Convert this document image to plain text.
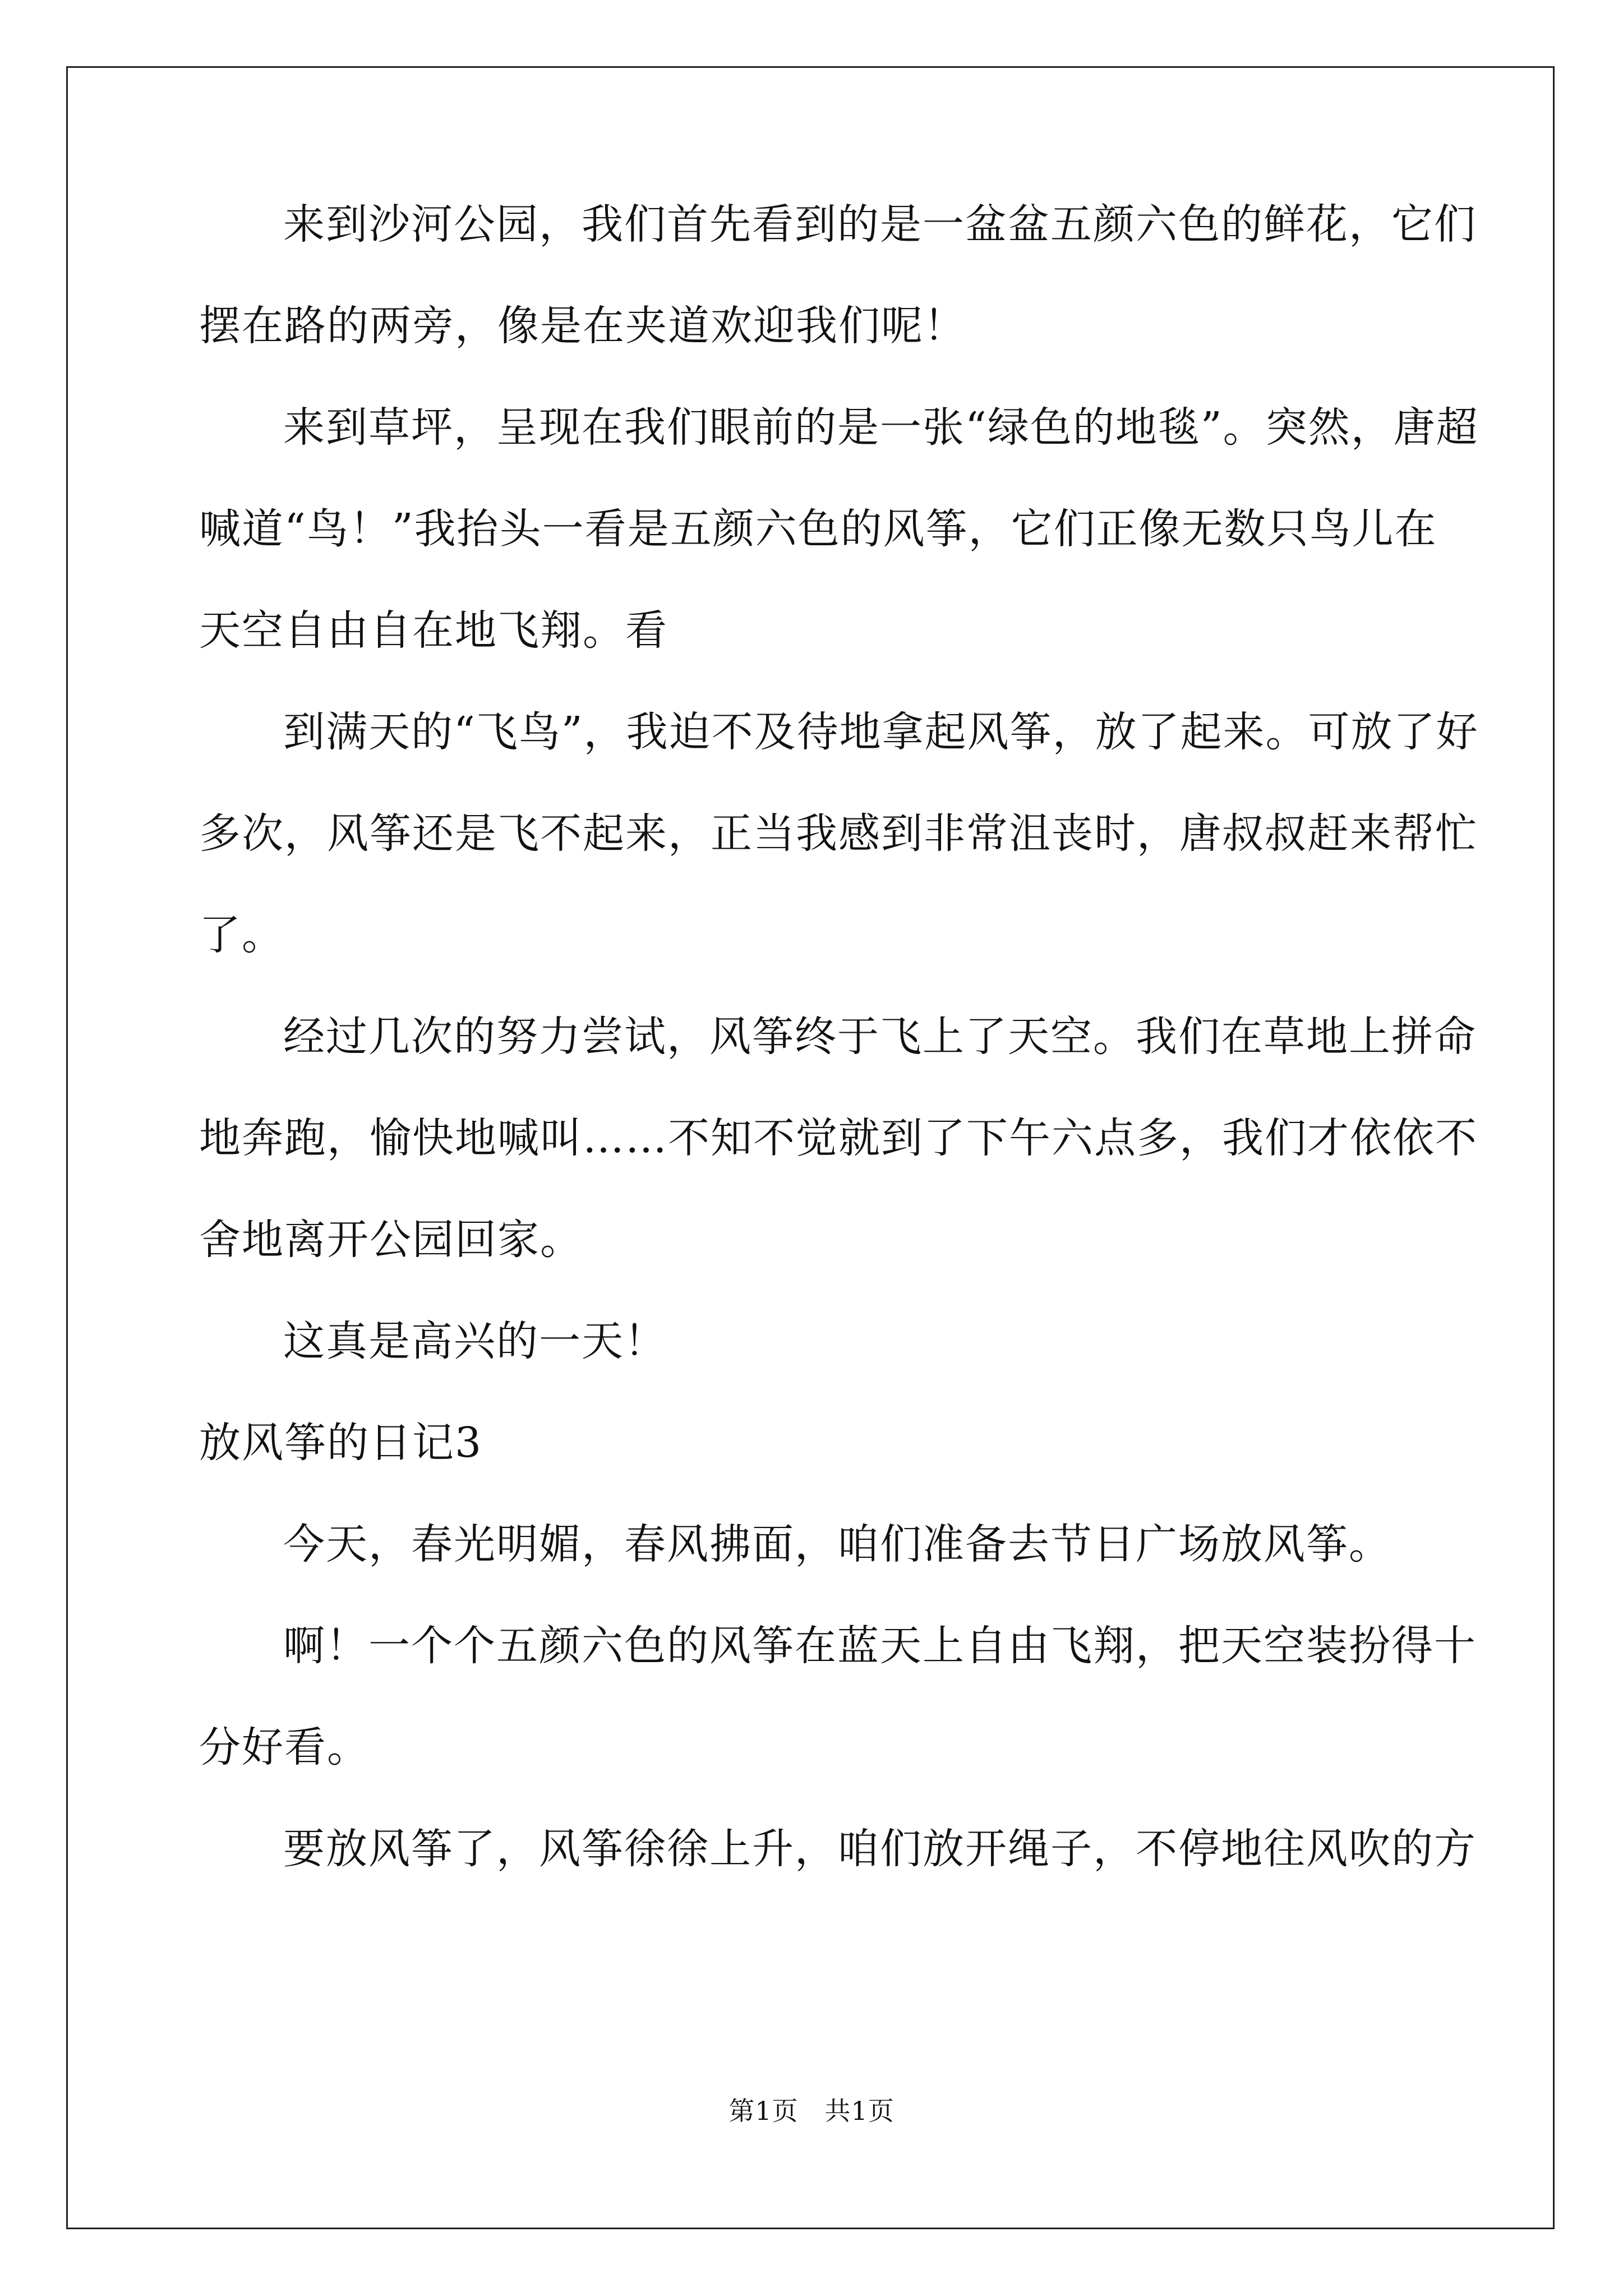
来到沙河公园，我们首先看到的是一盆盆五颜六色的鲜花，它们

摆在路的两旁，像是在夹道欢迎我们呢！

来到草坪，呈现在我们眼前的是一张“绿色的地毯”。突然，唐超

喊道“鸟！”我抬头一看是五颜六色的风筝，它们正像无数只鸟儿在

天空自由自在地飞翔。看

到满天的“飞鸟”，我迫不及待地拿起风筝，放了起来。可放了好

多次，风筝还是飞不起来，正当我感到非常沮丧时，唐叔叔赶来帮忙

了。

经过几次的努力尝试，风筝终于飞上了天空。我们在草地上拼命

地奔跑，愉快地喊叫……不知不觉就到了下午六点多，我们才依依不

舍地离开公园回家。

这真是高兴的一天！

放风筝的日记3

今天，春光明媚，春风拂面，咱们准备去节日广场放风筝。

啊！一个个五颜六色的风筝在蓝天上自由飞翔，把天空装扮得十

分好看。

要放风筝了，风筝徐徐上升，咱们放开绳子，不停地往风吹的方

第1页　共1页
